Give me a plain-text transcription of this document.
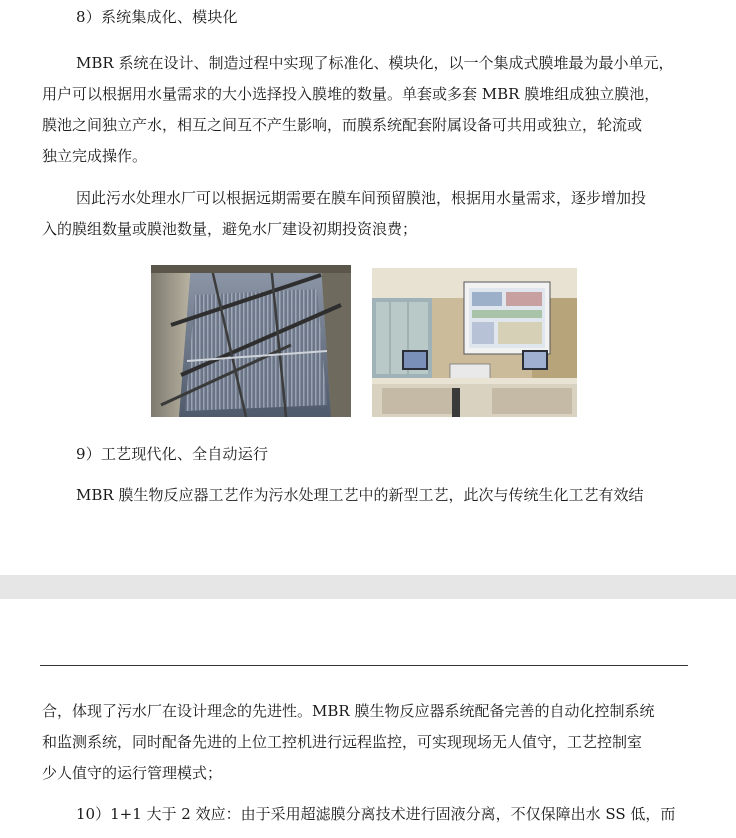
8）系统集成化、模块化
MBR 系统在设计、制造过程中实现了标准化、模块化，以一个集成式膜堆最为最小单元，
用户可以根据用水量需求的大小选择投入膜堆的数量。单套或多套 MBR 膜堆组成独立膜池，
膜池之间独立产水，相互之间互不产生影响，而膜系统配套附属设备可共用或独立，轮流或
独立完成操作。
因此污水处理水厂可以根据远期需要在膜车间预留膜池，根据用水量需求，逐步增加投
入的膜组数量或膜池数量，避免水厂建设初期投资浪费；
9）工艺现代化、全自动运行
MBR 膜生物反应器工艺作为污水处理工艺中的新型工艺，此次与传统生化工艺有效结
合，体现了污水厂在设计理念的先进性。MBR 膜生物反应器系统配备完善的自动化控制系统
和监测系统，同时配备先进的上位工控机进行远程监控，可实现现场无人值守，工艺控制室
少人值守的运行管理模式；
10）1+1 大于 2 效应：由于采用超滤膜分离技术进行固液分离，不仅保障出水 SS 低，而
